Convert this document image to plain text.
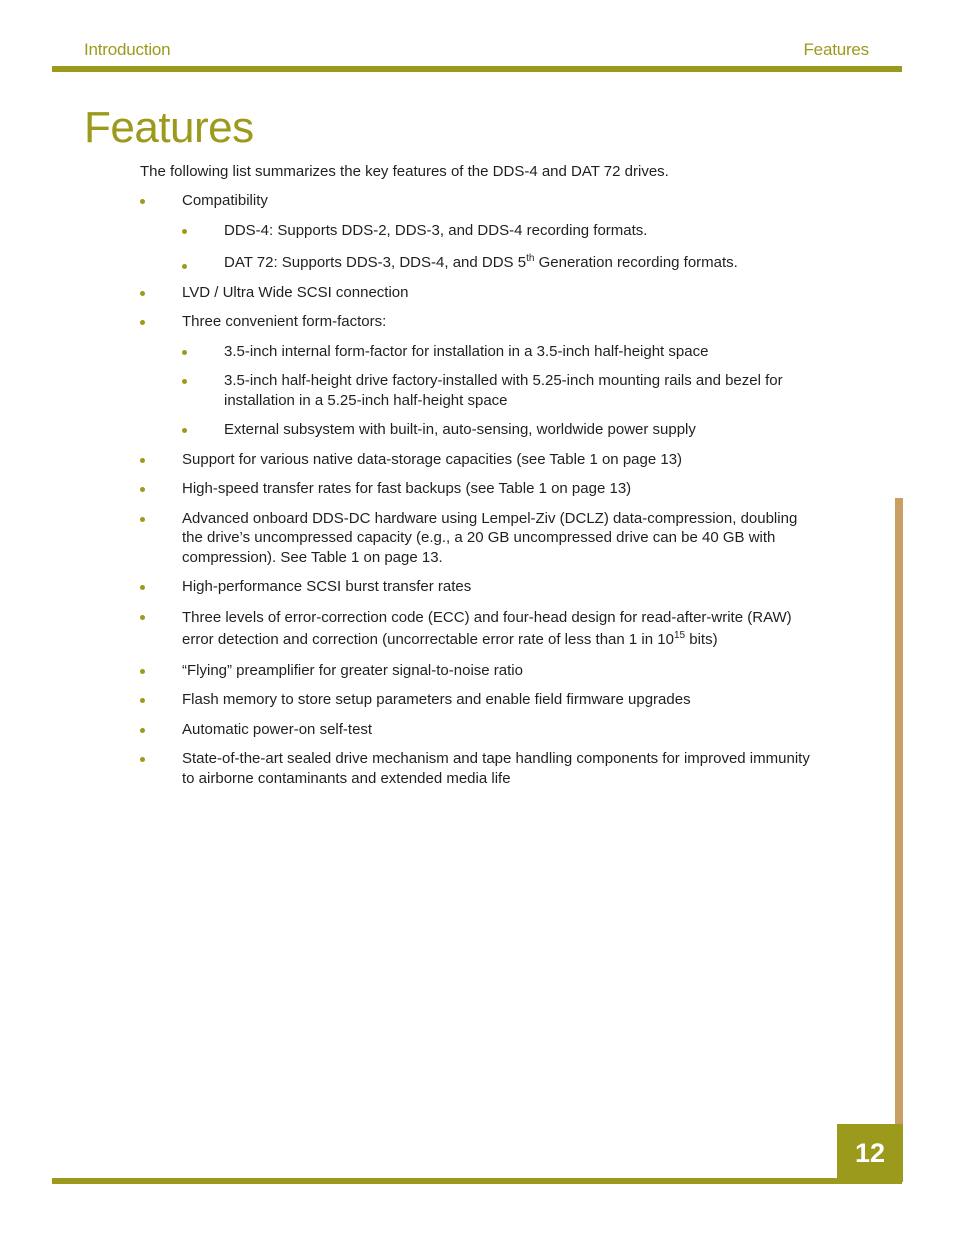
Introduction	Features
Features

The following list summarizes the key features of the DDS-4 and DAT 72 drives.

Compatibility
DDS-4: Supports DDS-2, DDS-3, and DDS-4 recording formats.
DAT 72: Supports DDS-3, DDS-4, and DDS 5th Generation recording formats.
LVD / Ultra Wide SCSI connection
Three convenient form-factors:
3.5-inch internal form-factor for installation in a 3.5-inch half-height space
3.5-inch half-height drive factory-installed with 5.25-inch mounting rails and bezel for installation in a 5.25-inch half-height space
External subsystem with built-in, auto-sensing, worldwide power supply
Support for various native data-storage capacities (see Table 1 on page 13)
High-speed transfer rates for fast backups (see Table 1 on page 13)
Advanced onboard DDS-DC hardware using Lempel-Ziv (DCLZ) data-compression, doubling the drive’s uncompressed capacity (e.g., a 20 GB uncompressed drive can be 40 GB with compression). See Table 1 on page 13.
High-performance SCSI burst transfer rates
Three levels of error-correction code (ECC) and four-head design for read-after-write (RAW) error detection and correction (uncorrectable error rate of less than 1 in $10^{15}$ bits)
“Flying” preamplifier for greater signal-to-noise ratio
Flash memory to store setup parameters and enable field firmware upgrades
Automatic power-on self-test
State-of-the-art sealed drive mechanism and tape handling components for improved immunity to airborne contaminants and extended media life
12
